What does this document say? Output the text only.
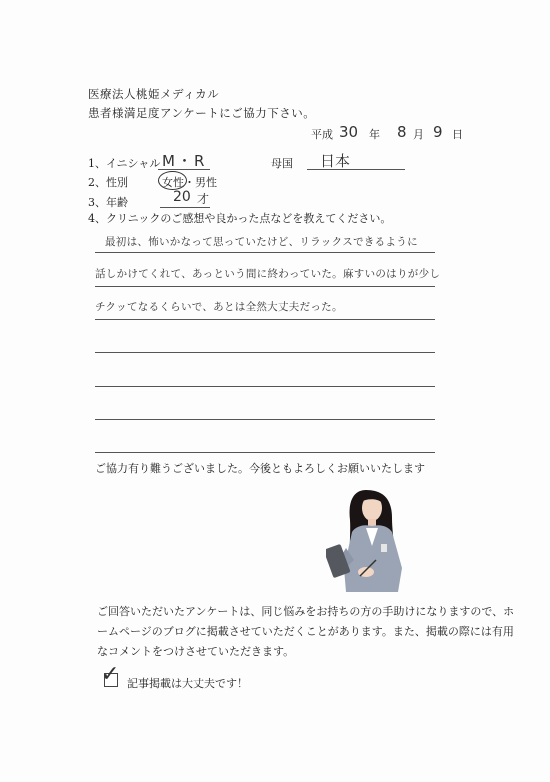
医療法人桃姫メディカル
患者様満足度アンケートにご協力下さい。
平成 30 年 8 月 9 日
1、イニシャル M・R	母国 日本
2、性別	女性・男性
3、年齢	20 才
4、クリニックのご感想や良かった点などを教えてください。
最初は、怖いかなって思っていたけど、リラックスできるように
話しかけてくれて、あっという間に終わっていた。麻すいのはりが少し
チクッてなるくらいで、あとは全然大丈夫だった。
ご協力有り難うございました。今後ともよろしくお願いいたします
ご回答いただいたアンケートは、同じ悩みをお持ちの方の手助けになりますので、ホ
ームページのブログに掲載させていただくことがあります。また、掲載の際には有用
なコメントをつけさせていただきます。
✓ 記事掲載は大丈夫です！
